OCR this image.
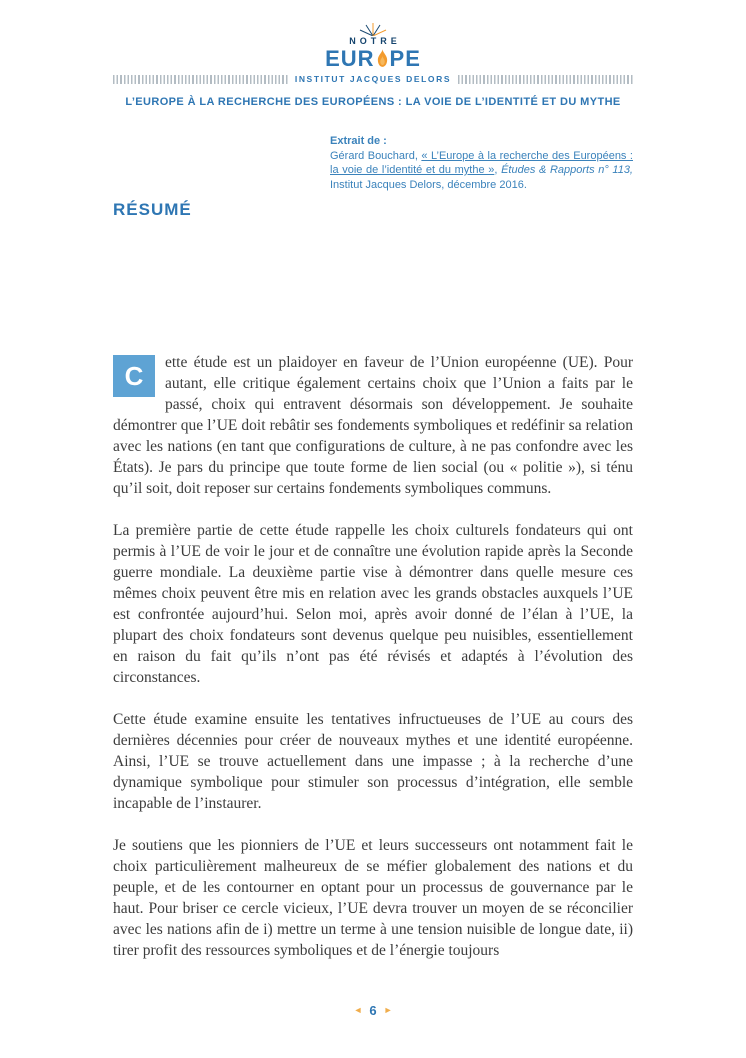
NOTRE
EUR PE
INSTITUT JACQUES DELORS
L’EUROPE À LA RECHERCHE DES EUROPÉENS : LA VOIE DE L’IDENTITÉ ET DU MYTHE
Extrait de :

Gérard Bouchard, « L’Europe à la recherche des Européens : la voie de l’identité et du mythe », Études & Rapports n° 113, Institut Jacques Delors, décembre 2016.

RÉSUMÉ

C	ette étude est un plaidoyer en faveur de l’Union européenne (UE). Pour autant, elle critique également certains choix que l’Union a faits par le passé, choix qui entravent désormais son développement. Je souhaite démontrer que l’UE doit rebâtir ses fondements symboliques et redéfinir sa relation avec les nations (en tant que configurations de culture, à ne pas confondre avec les États). Je pars du principe que toute forme de lien social (ou « politie »), si ténu qu’il soit, doit reposer sur certains fondements symboliques communs.

La première partie de cette étude rappelle les choix culturels fondateurs qui ont permis à l’UE de voir le jour et de connaître une évolution rapide après la Seconde guerre mondiale. La deuxième partie vise à démontrer dans quelle mesure ces mêmes choix peuvent être mis en relation avec les grands obstacles auxquels l’UE est confrontée aujourd’hui. Selon moi, après avoir donné de l’élan à l’UE, la plupart des choix fondateurs sont devenus quelque peu nuisibles, essentiellement en raison du fait qu’ils n’ont pas été révisés et adaptés à l’évolution des circonstances.

Cette étude examine ensuite les tentatives infructueuses de l’UE au cours des dernières décennies pour créer de nouveaux mythes et une identité européenne. Ainsi, l’UE se trouve actuellement dans une impasse ; à la recherche d’une dynamique symbolique pour stimuler son processus d’intégration, elle semble incapable de l’instaurer.

Je soutiens que les pionniers de l’UE et leurs successeurs ont notamment fait le choix particulièrement malheureux de se méfier globalement des nations et du peuple, et de les contourner en optant pour un processus de gouvernance par le haut. Pour briser ce cercle vicieux, l’UE devra trouver un moyen de se réconcilier avec les nations afin de i) mettre un terme à une tension nuisible de longue date, ii) tirer profit des ressources symboliques et de l’énergie toujours

◄ 6 ►
